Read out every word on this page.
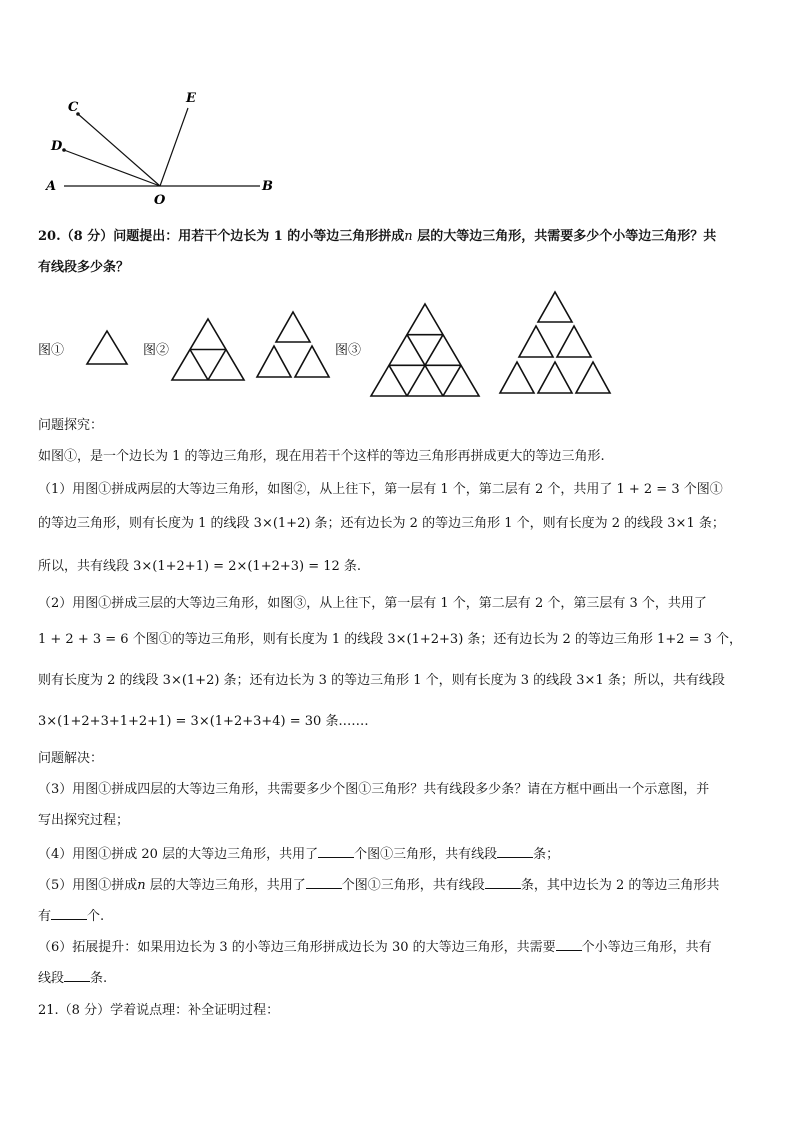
C
D
E
A
O
B
20.（8 分）问题提出：用若干个边长为 1 的小等边三角形拼成n 层的大等边三角形，共需要多少个小等边三角形？共
有线段多少条？
图①	图②	图③
问题探究：
如图①，是一个边长为 1 的等边三角形，现在用若干个这样的等边三角形再拼成更大的等边三角形.
（1）用图①拼成两层的大等边三角形，如图②，从上往下，第一层有 1 个，第二层有 2 个，共用了 1 + 2 = 3 个图①
的等边三角形，则有长度为 1 的线段 3×(1+2) 条；还有边长为 2 的等边三角形 1 个，则有长度为 2 的线段 3×1 条；
所以，共有线段 3×(1+2+1) = 2×(1+2+3) = 12 条.
（2）用图①拼成三层的大等边三角形，如图③，从上往下，第一层有 1 个，第二层有 2 个，第三层有 3 个，共用了
1 + 2 + 3 = 6 个图①的等边三角形，则有长度为 1 的线段 3×(1+2+3) 条；还有边长为 2 的等边三角形 1+2 = 3 个，
则有长度为 2 的线段 3×(1+2) 条；还有边长为 3 的等边三角形 1 个，则有长度为 3 的线段 3×1 条；所以，共有线段
3×(1+2+3+1+2+1) = 3×(1+2+3+4) = 30 条.……
问题解决：
（3）用图①拼成四层的大等边三角形，共需要多少个图①三角形？共有线段多少条？请在方框中画出一个示意图，并
写出探究过程；
（4）用图①拼成 20 层的大等边三角形，共用了	个图①三角形，共有线段	条；
（5）用图①拼成n 层的大等边三角形，共用了	个图①三角形，共有线段	条，其中边长为 2 的等边三角形共
有	个.
（6）拓展提升：如果用边长为 3 的小等边三角形拼成边长为 30 的大等边三角形，共需要 个小等边三角形，共有
线段 条.
21.（8 分）学着说点理：补全证明过程：
